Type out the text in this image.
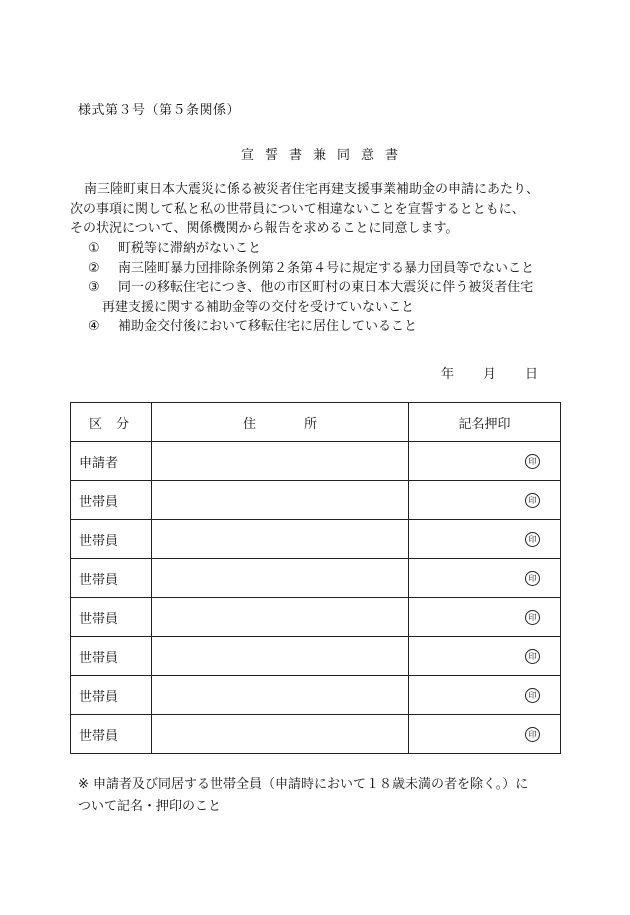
様式第３号（第５条関係）
宣誓書兼同意書

南三陸町東日本大震災に係る被災者住宅再建支援事業補助金の申請にあたり、

次の事項に関して私と私の世帯員について相違ないことを宣誓するとともに、

その状況について、関係機関から報告を求めることに同意します。

①	町税等に滞納がないこと
②	南三陸町暴力団排除条例第２条第４号に規定する暴力団員等でないこと
③	同一の移転住宅につき、他の市区町村の東日本大震災に伴う被災者住宅
再建支援に関する補助金等の交付を受けていないこと
④	補助金交付後において移転住宅に居住していること
年 月 日
区分	住 所	記名押印
申請者		印
世帯員		印
世帯員		印
世帯員		印
世帯員		印
世帯員		印
世帯員		印
世帯員		印

※ 申請者及び同居する世帯全員（申請時において１８歳未満の者を除く。）に

ついて記名・押印のこと
